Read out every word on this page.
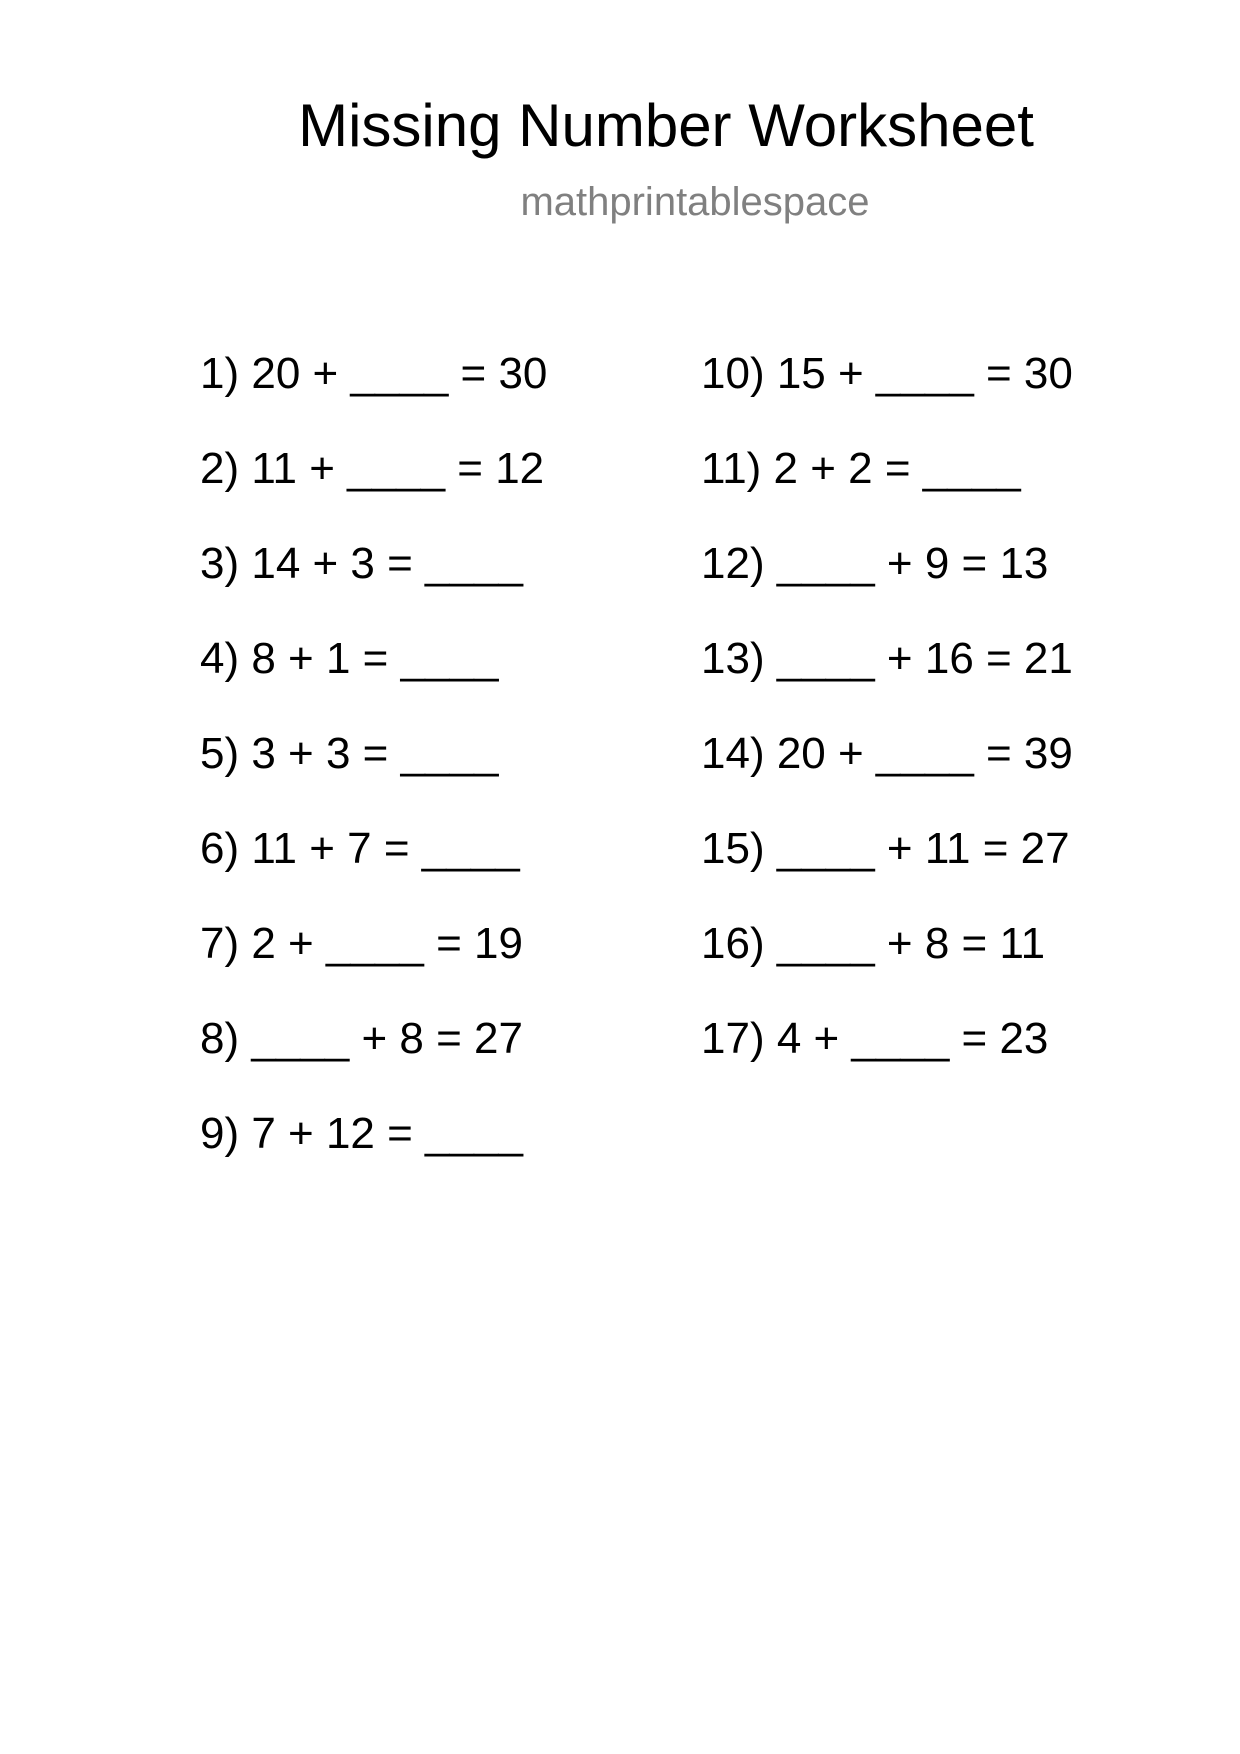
Missing Number Worksheet
mathprintablespace
1) 20 + ____ = 30
2) 11 + ____ = 12
3) 14 + 3 = ____
4) 8 + 1 = ____
5) 3 + 3 = ____
6) 11 + 7 = ____
7) 2 + ____ = 19
8) ____ + 8 = 27
9) 7 + 12 = ____
10) 15 + ____ = 30
11) 2 + 2 = ____
12) ____ + 9 = 13
13) ____ + 16 = 21
14) 20 + ____ = 39
15) ____ + 11 = 27
16) ____ + 8 = 11
17) 4 + ____ = 23
